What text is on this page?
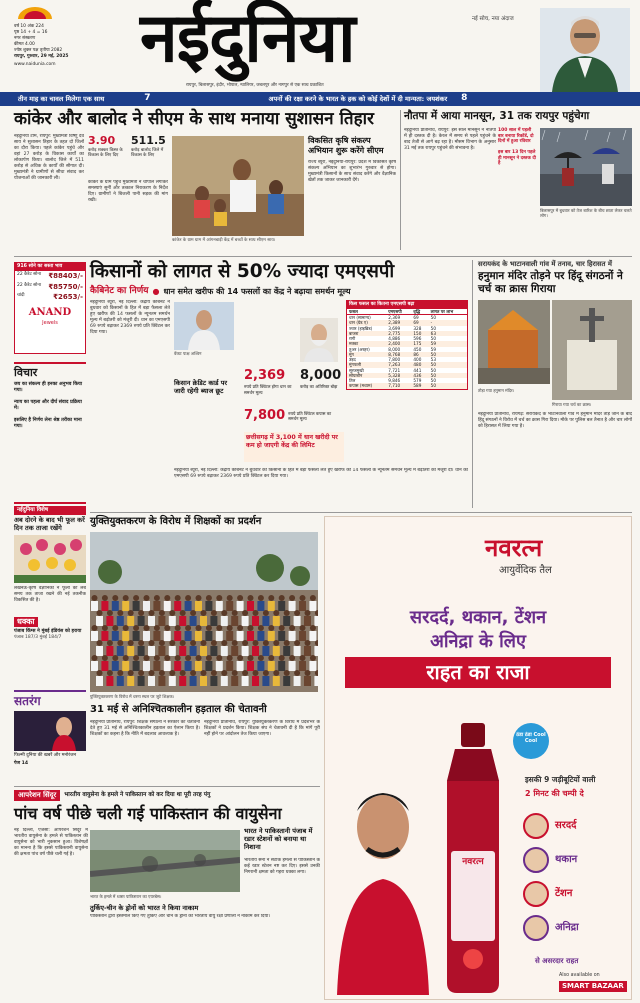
वर्ष 10 अंक 224
पृष्ठ 14 + 4 = 16
नगर संस्करण
कीमत 4.00
ज्येष्ठ शुक्ल पक्ष तृतीया 2082
रायपुर, गुरुवार, 29 मई, 2025
www.naidunia.com	नईदुनिया	नई सोच, नया अंदाज
रायपुर, बिलासपुर, इंदौर, भोपाल, ग्वालियर, जबलपुर और नागपुर से एक साथ प्रकाशित
तीन माह का चावल मिलेगा एक साथ	7	अपनों की रक्षा करने के भारत के हक को कोई देशों में दी मान्यता: जयशंकर 8
कांकेर और बालोद ने सीएम के साथ मनाया सुशासन तिहार
नईदुनिया टीम, रायपुर: मुख्यमंत्री विष्णु देव साय ने सुशासन तिहार के तहत दो जिलों का दौरा किया। पहले कांकेर पहुंचे और वहां 27 करोड़ के विकास कार्यों का लोकार्पण किया। बालोद जिले में 511 करोड़ से अधिक के कार्यों की सौगात दी। मुख्यमंत्री ने ग्रामीणों से सीधा संवाद कर योजनाओं की जानकारी ली।
3.90
करोड़ शक्कर किस्त के विकास के लिए दिए
511.5
करोड़ बालोद जिले में विकास के लिए
कांकेर के ग्राम पहुंचे मुख्यमंत्री ने चौपाल लगाकर समस्याएं सुनीं और तत्काल निराकरण के निर्देश दिए। ग्रामीणों ने बिजली पानी सड़क की मांग रखी।
कांकेर के ग्राम ग्राम में आंगनबाड़ी केंद्र में बच्चों के साथ सीएम साय।
विकसित कृषि संकल्प अभियान शुरू करेंगे सीएम
राज्य ब्यूरो, नईदुनिया-रायपुर: प्रदेश में विकसित कृषि संकल्प अभियान का शुभारंभ गुरुवार से होगा। मुख्यमंत्री किसानों के साथ संवाद करेंगे और वैज्ञानिक खेतों तक जाकर जानकारी देंगे।
नौतपा में आया मानसून, 31 तक रायपुर पहुंचेगा
नईदुनिया प्रतिनिधि, रायपुर: इस साल मानसून ने नौतपा में ही दस्तक दी है। केरल में समय से पहले पहुंचने के बाद तेजी से आगे बढ़ रहा है। मौसम विभाग के अनुसार 31 मई तक रायपुर पहुंचने की संभावना है।
100 साल में पहली बार बनाया रिकॉर्ड, दो दिनों में हुआ रविवार
इस बार 13 दिन पहले ही मानसून ने दस्तक दी है
बिलासपुर में बुधवार को तेज बारिश के बीच छाता लेकर चलते लोग।
916 सोने का सस्ता भाव
22 कैरेट सोना ₹88403/-
22 कैरेट सोना ₹85750/-
चांदी	₹2653/-
ANAND
Jewels
विचार
जय का संकल्प ही इनका अनुभव किया गया।
न्याय का पहला और दीर्घ संवाद प्रक्रिया में।
इसलिए है निर्णय लेना श्रेष्ठ तरीका माना गया।
नईदुनिया विशेष
अब दोरने के बाद भी फूल करें दिन तक ताजा रखेंगे
लखनऊ-कृषि वैज्ञानिकों ने फूलों को लंबे समय तक ताजा रखने की नई तकनीक विकसित की है।
धक्का
पंजाब किंग्स ने मुंबई इंडियंस को हराया
पंजाब 187/3 मुंबई 184/7
सतरंग
फिल्मी दुनिया की खबरें और मनोरंजन
पेज 14
किसानों को लागत से 50% ज्यादा एमएसपी
कैबिनेट का निर्णय ● धान समेत खरीफ की 14 फसलों का केंद्र ने बढ़ाया समर्थन मूल्य
नईदुनिया ब्यूरो, नई दिल्ली: केंद्रीय कैबिनेट ने बुधवार को किसानों के हित में बड़ा फैसला लेते हुए खरीफ की 14 फसलों के न्यूनतम समर्थन मूल्य में बढ़ोतरी को मंजूरी दी। धान का एमएसपी 69 रुपये बढ़ाकर 2369 रुपये प्रति क्विंटल कर दिया गया।
वेंकट पाक्ष अश्विन
किसान क्रेडिट कार्ड पर जारी रहेगी ब्याज छूट
2,369
रुपये प्रति क्विंटल होगा धान का समर्थन मूल्य
8,000
करोड़ का अतिरिक्त बोझ
7,800 रुपये प्रति क्विंटल कपास का समर्थन मूल्य
किस फसल का कितना एमएसपी बढ़ा
फसल	एमएसपी	वृद्धि	लागत पर लाभ
धान (सामान्य)	2,369	69	50
धान (ग्रेड ए)	2,389	69	-
ज्वार (हाइब्रिड)	3,699	328	50
बाजरा	2,775	150	63
रागी	4,886	596	50
मक्का	2,400	175	59
तुअर (अरहर)	8,000	450	59
मूंग	8,768	86	50
उड़द	7,800	400	53
मूंगफली	7,263	480	50
सूरजमुखी	7,721	441	50
सोयाबीन	5,328	436	50
तिल	9,846	579	50
कपास (मध्यम)	7,710	589	50
छत्तीसगढ़ में 3,100 में धान खरीदी पर कम हो जाएगी केंद्र की लिमिट
नईदुनिया ब्यूरो, नई दिल्ली: केंद्रीय कैबिनेट ने बुधवार को किसानों के हित में बड़ा फैसला लेते हुए खरीफ की 14 फसलों के न्यूनतम समर्थन मूल्य में बढ़ोतरी को मंजूरी दी। धान का एमएसपी 69 रुपये बढ़ाकर 2369 रुपये प्रति क्विंटल कर दिया गया।
सरायकंद के भाटानवाली गांव में तनाव, चार हिरासत में
हनुमान मंदिर तोड़ने पर हिंदू संगठनों ने चर्च का क्रास गिराया
तोड़ा गया हनुमान मंदिर।
गिराया गया चर्च का क्रास।
नईदुनिया प्रतिनिधि, रायगढ़: सरायकंद के भाटानवाली गांव में हनुमान मंदिर तोड़े जाने के बाद हिंदू संगठनों ने विरोध में चर्च का क्रास गिरा दिया। मौके पर पुलिस बल तैनात है और चार लोगों को हिरासत में लिया गया है।
युक्तियुक्तकरण के विरोध में शिक्षकों का प्रदर्शन
युक्तियुक्तकरण के विरोध में धरना स्थल पर जुटे शिक्षक।
31 मई से अनिश्चितकालीन हड़ताल की चेतावनी
नईदुनिया प्रतिनिधि, रायपुर: शिक्षक संगठनों ने सरकार को चेतावनी देते हुए 31 मई से अनिश्चितकालीन हड़ताल का ऐलान किया है। शिक्षकों का कहना है कि नीति में बदलाव आवश्यक है।
नईदुनिया प्रतिनिधि, रायपुर: युक्तियुक्तकरण के विरोध में प्रदेशभर के शिक्षकों ने प्रदर्शन किया। शिक्षक संघ ने चेतावनी दी है कि मांगें पूरी नहीं होने पर आंदोलन तेज किया जाएगा।
आपरेशन सिंदूर	भारतीय वायुसेना के हमले ने पाकिस्तान को कर दिया था पूरी तरह पंगु
पांच वर्ष पीछे चली गई पाकिस्तान की वायुसेना
नई दिल्ली, एजेंसी: आपरेशन सिंदूर में भारतीय वायुसेना के हमले से पाकिस्तान की वायुसेना को भारी नुकसान हुआ। विशेषज्ञों का मानना है कि इससे पाकिस्तानी वायुसेना की क्षमता पांच वर्ष पीछे चली गई है।
भारत के हमले में ध्वस्त पाकिस्तान का एयरबेस।
भारत ने पाकिस्तानी पंजाब में रडार स्टेशनों को बनाया था निशाना
भारतीय सेना ने सटीक हमलों से पाकिस्तान के कई रडार स्टेशन नष्ट कर दिए। इससे उनकी निगरानी क्षमता को गहरा धक्का लगा।
तुर्किए-चीन के ड्रोनों को भारत ने किया नाकाम
पाकिस्तान द्वारा इस्तेमाल किए गए तुर्किए और चीन के ड्रोनों को भारतीय वायु रक्षा प्रणाली ने नाकाम कर दिया।
नवरत्न
आयुर्वेदिक तैल
सरदर्द, थकान, टेंशन
अनिद्रा के लिए
राहत का राजा
नवरत्न
ठंडा ठंडा Cool Cool
इसकी 9 जड़ीबूटियों वाली
2 मिनट की चम्पी दे
सरदर्द
थकान
टेंशन
अनिद्रा
से असरदार राहत
Also available on
SMART BAZAAR
